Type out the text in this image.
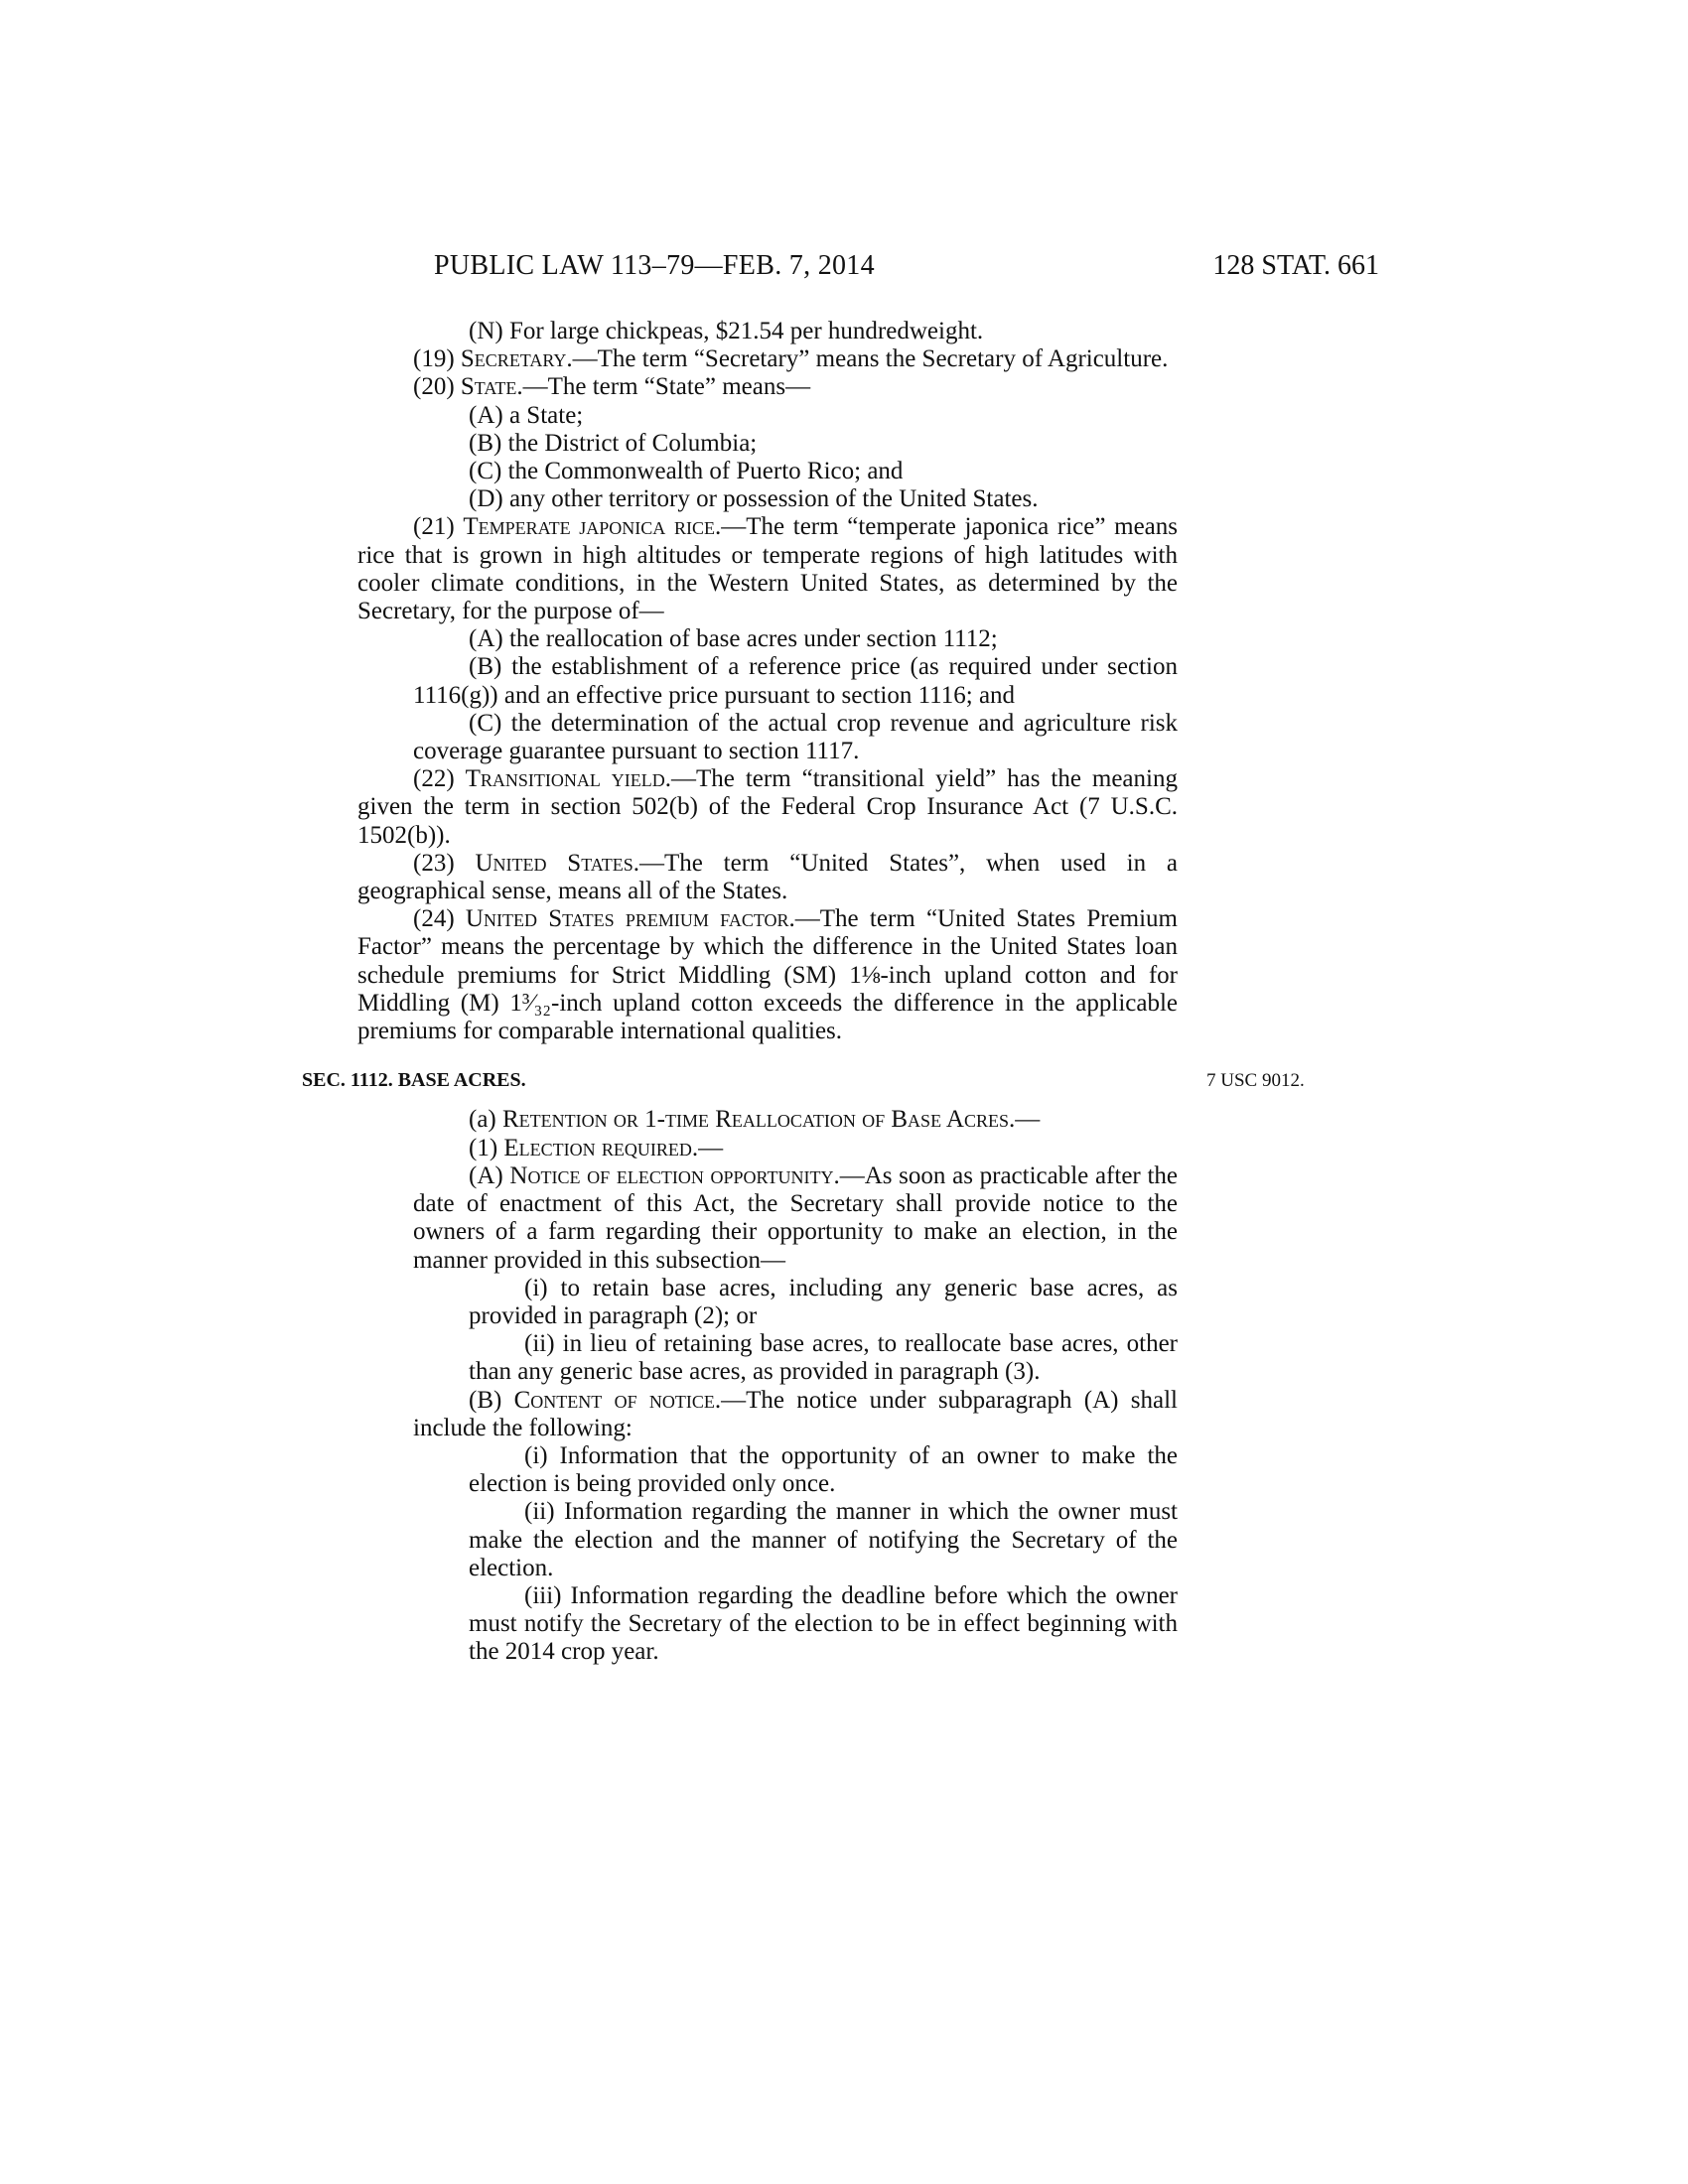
PUBLIC LAW 113–79—FEB. 7, 2014	128 STAT. 661

(N) For large chickpeas, $21.54 per hundredweight.

(19) Secretary.—The term “Secretary” means the Secretary of Agriculture.

(20) State.—The term “State” means—

(A) a State;

(B) the District of Columbia;

(C) the Commonwealth of Puerto Rico; and

(D) any other territory or possession of the United States.

(21) Temperate japonica rice.—The term “temperate japonica rice” means rice that is grown in high altitudes or temperate regions of high latitudes with cooler climate conditions, in the Western United States, as determined by the Secretary, for the purpose of—

(A) the reallocation of base acres under section 1112;

(B) the establishment of a reference price (as required under section 1116(g)) and an effective price pursuant to section 1116; and

(C) the determination of the actual crop revenue and agriculture risk coverage guarantee pursuant to section 1117.

(22) Transitional yield.—The term “transitional yield” has the meaning given the term in section 502(b) of the Federal Crop Insurance Act (7 U.S.C. 1502(b)).

(23) United States.—The term “United States”, when used in a geographical sense, means all of the States.

(24) United States premium factor.—The term “United States Premium Factor” means the percentage by which the difference in the United States loan schedule premiums for Strict Middling (SM) 1⅛-inch upland cotton and for Middling (M) 1³⁄₃₂-inch upland cotton exceeds the difference in the applicable premiums for comparable international qualities.

SEC. 1112. BASE ACRES.	7 USC 9012.

(a) Retention or 1-time Reallocation of Base Acres.—

(1) Election required.—

(A) Notice of election opportunity.—As soon as practicable after the date of enactment of this Act, the Secretary shall provide notice to the owners of a farm regarding their opportunity to make an election, in the manner provided in this subsection—

(i) to retain base acres, including any generic base acres, as provided in paragraph (2); or

(ii) in lieu of retaining base acres, to reallocate base acres, other than any generic base acres, as provided in paragraph (3).

(B) Content of notice.—The notice under subparagraph (A) shall include the following:

(i) Information that the opportunity of an owner to make the election is being provided only once.

(ii) Information regarding the manner in which the owner must make the election and the manner of notifying the Secretary of the election.

(iii) Information regarding the deadline before which the owner must notify the Secretary of the election to be in effect beginning with the 2014 crop year.
